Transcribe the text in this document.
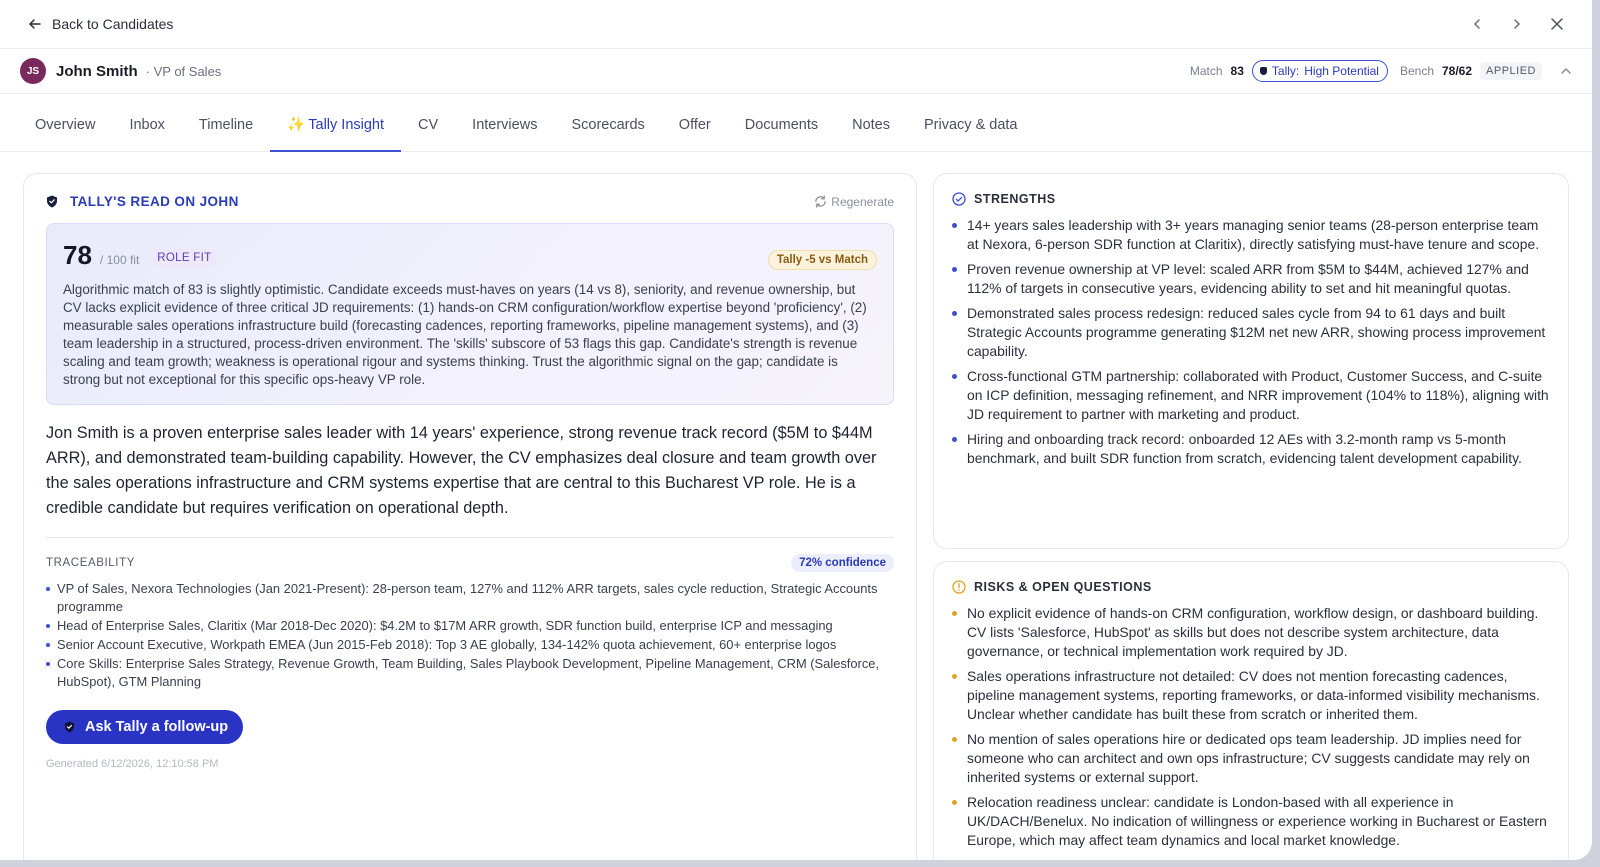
Back to Candidates
JS	John Smith · VP of Sales	Match 83 Tally: High Potential Bench 78/62	APPLIED
Overview	Inbox	Timeline	✨ Tally Insight	CV	Interviews	Scorecards	Offer	Documents	Notes	Privacy & data
TALLY'S READ ON JOHN	Regenerate
78 / 100 fit	ROLE FIT	Tally -5 vs Match

Algorithmic match of 83 is slightly optimistic. Candidate exceeds must-haves on years (14 vs 8), seniority, and revenue ownership, but CV lacks explicit evidence of three critical JD requirements: (1) hands-on CRM configuration/workflow expertise beyond 'proficiency', (2) measurable sales operations infrastructure build (forecasting cadences, reporting frameworks, pipeline management systems), and (3) team leadership in a structured, process-driven environment. The 'skills' subscore of 53 flags this gap. Candidate's strength is revenue scaling and team growth; weakness is operational rigour and systems thinking. Trust the algorithmic signal on the gap; candidate is strong but not exceptional for this specific ops-heavy VP role.

Jon Smith is a proven enterprise sales leader with 14 years' experience, strong revenue track record ($5M to $44M ARR), and demonstrated team-building capability. However, the CV emphasizes deal closure and team growth over the sales operations infrastructure and CRM systems expertise that are central to this Bucharest VP role. He is a credible candidate but requires verification on operational depth.

TRACEABILITY	72% confidence
VP of Sales, Nexora Technologies (Jan 2021-Present): 28-person team, 127% and 112% ARR targets, sales cycle reduction, Strategic Accounts programme
Head of Enterprise Sales, Claritix (Mar 2018-Dec 2020): $4.2M to $17M ARR growth, SDR function build, enterprise ICP and messaging
Senior Account Executive, Workpath EMEA (Jun 2015-Feb 2018): Top 3 AE globally, 134-142% quota achievement, 60+ enterprise logos
Core Skills: Enterprise Sales Strategy, Revenue Growth, Team Building, Sales Playbook Development, Pipeline Management, CRM (Salesforce, HubSpot), GTM Planning
Ask Tally a follow-up

Generated 6/12/2026, 12:10:58 PM

STRENGTHS
14+ years sales leadership with 3+ years managing senior teams (28-person enterprise team at Nexora, 6-person SDR function at Claritix), directly satisfying must-have tenure and scope.
Proven revenue ownership at VP level: scaled ARR from $5M to $44M, achieved 127% and 112% of targets in consecutive years, evidencing ability to set and hit meaningful quotas.
Demonstrated sales process redesign: reduced sales cycle from 94 to 61 days and built Strategic Accounts programme generating $12M net new ARR, showing process improvement capability.
Cross-functional GTM partnership: collaborated with Product, Customer Success, and C-suite on ICP definition, messaging refinement, and NRR improvement (104% to 118%), aligning with JD requirement to partner with marketing and product.
Hiring and onboarding track record: onboarded 12 AEs with 3.2-month ramp vs 5-month benchmark, and built SDR function from scratch, evidencing talent development capability.
RISKS & OPEN QUESTIONS
No explicit evidence of hands-on CRM configuration, workflow design, or dashboard building. CV lists 'Salesforce, HubSpot' as skills but does not describe system architecture, data governance, or technical implementation work required by JD.
Sales operations infrastructure not detailed: CV does not mention forecasting cadences, pipeline management systems, reporting frameworks, or data-informed visibility mechanisms. Unclear whether candidate has built these from scratch or inherited them.
No mention of sales operations hire or dedicated ops team leadership. JD implies need for someone who can architect and own ops infrastructure; CV suggests candidate may rely on inherited systems or external support.
Relocation readiness unclear: candidate is London-based with all experience in UK/DACH/Benelux. No indication of willingness or experience working in Bucharest or Eastern Europe, which may affect team dynamics and local market knowledge.
